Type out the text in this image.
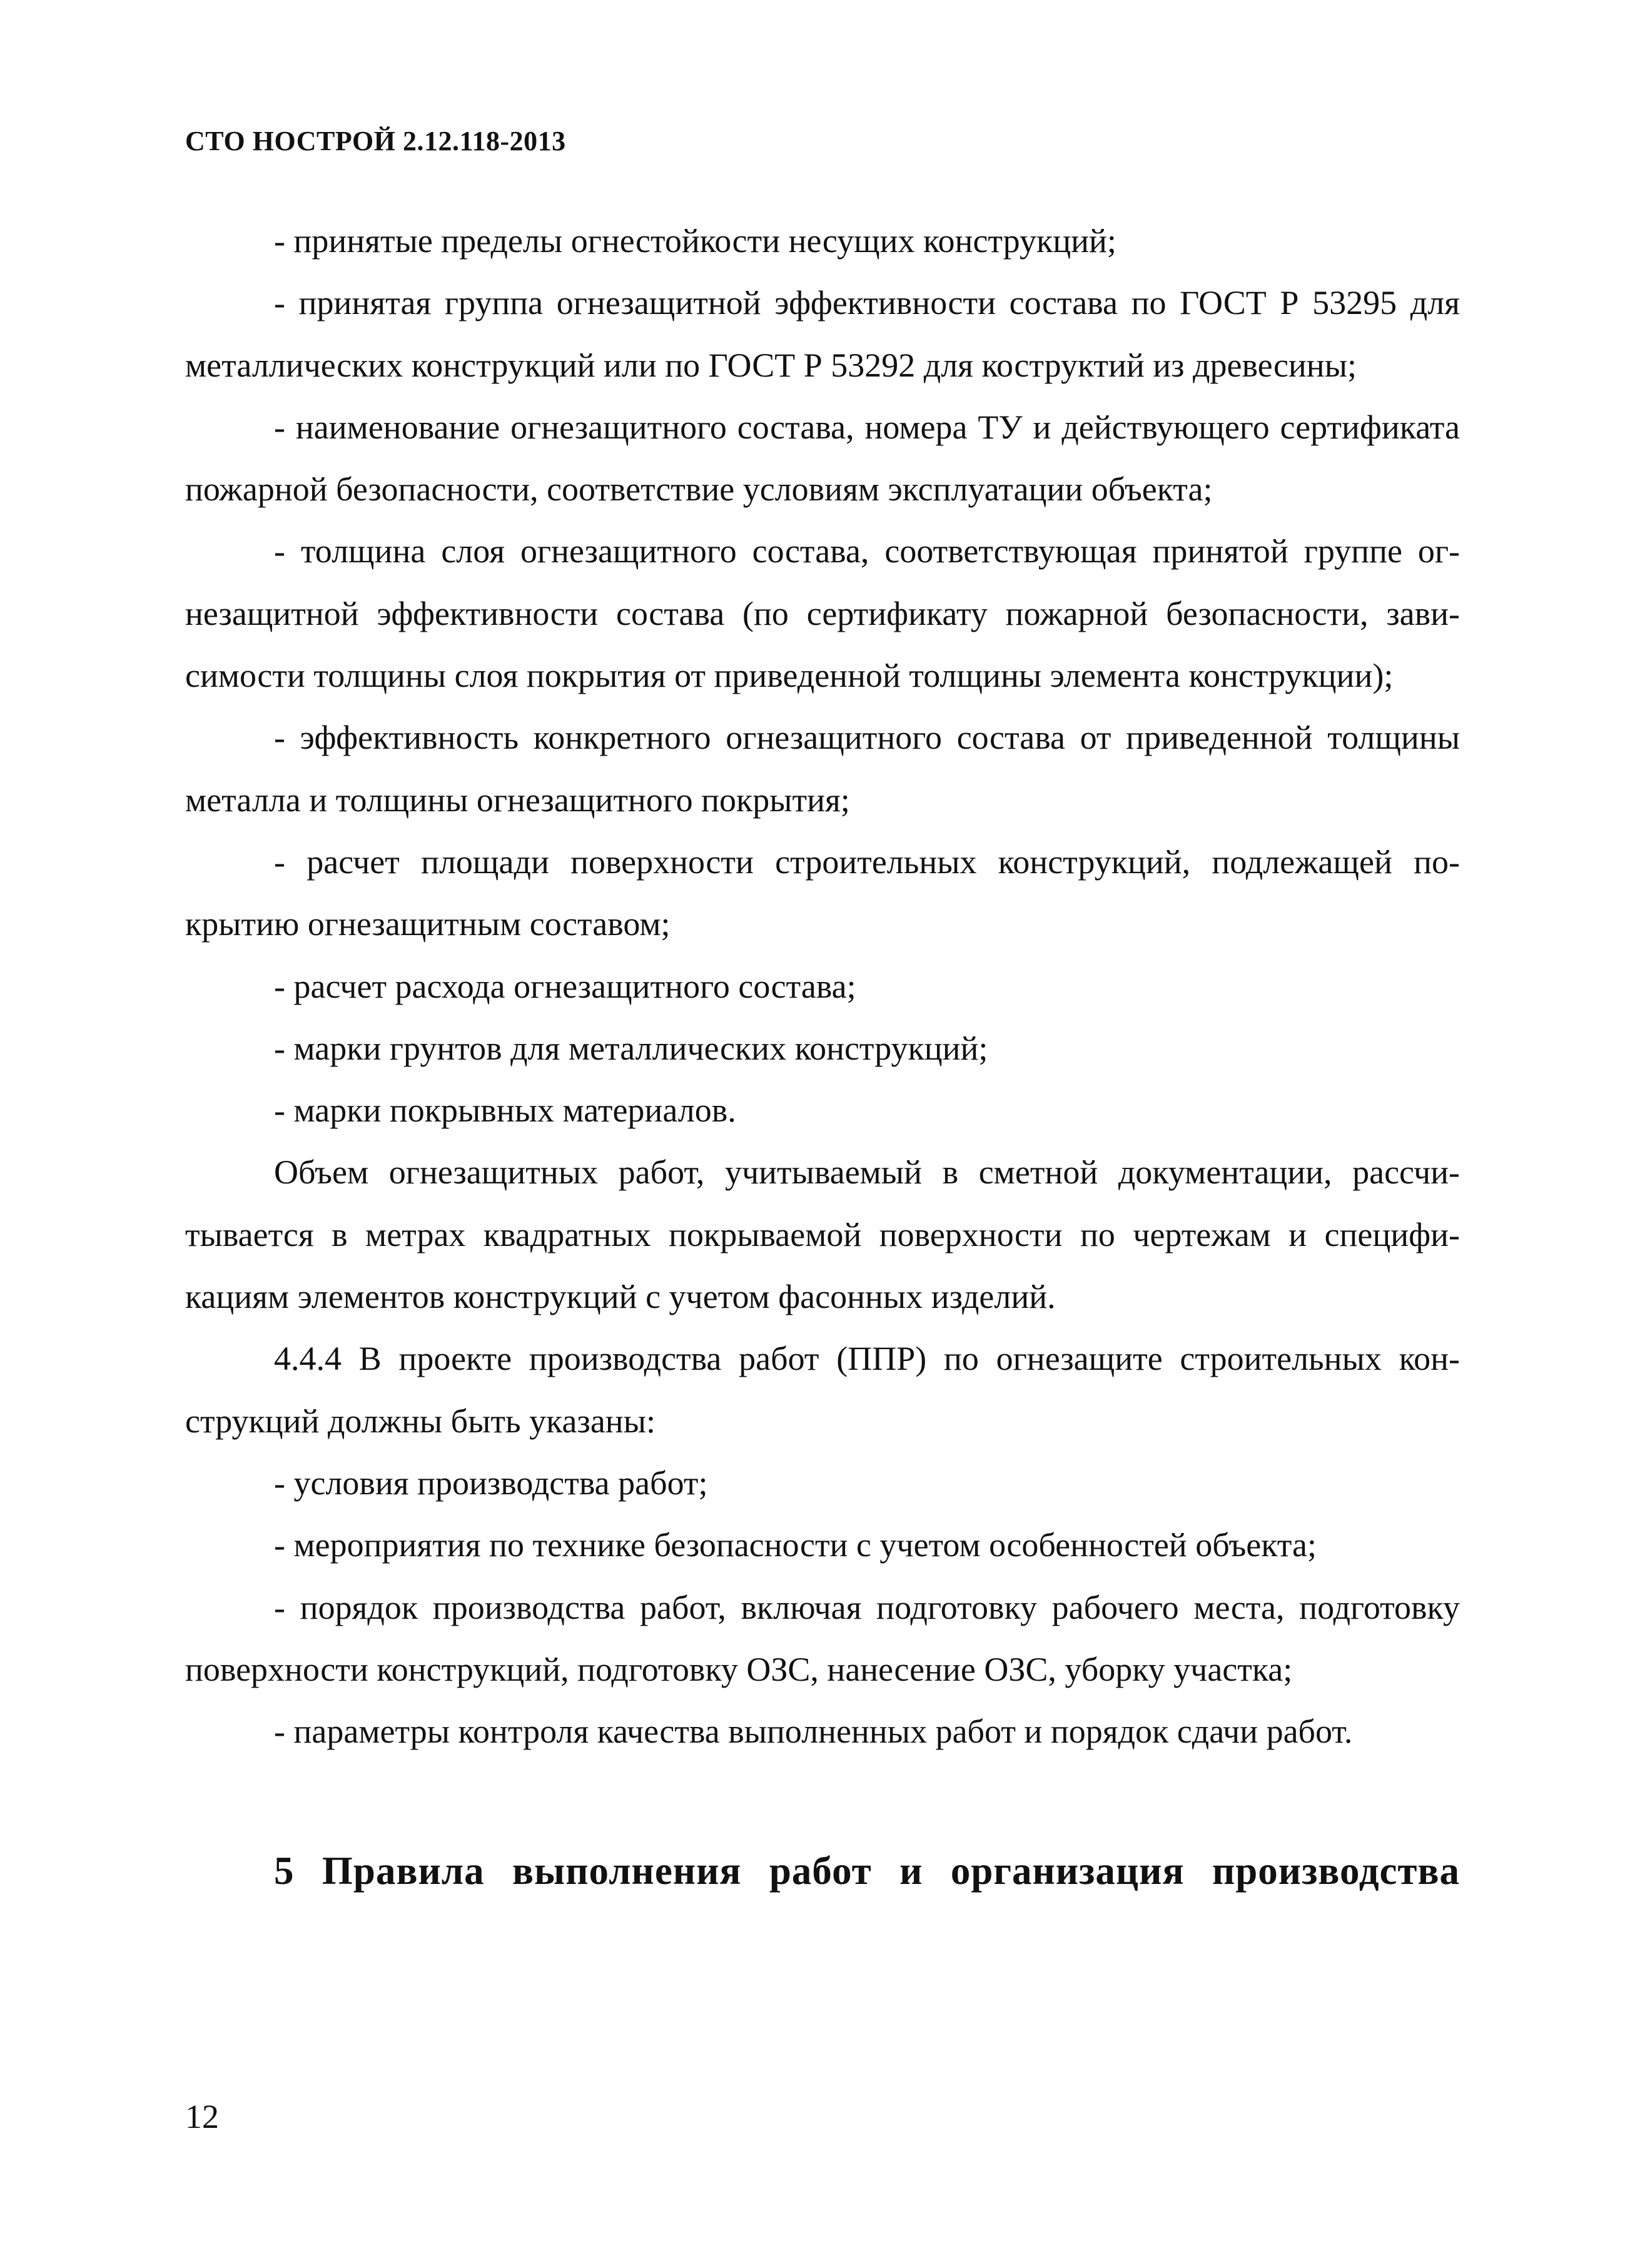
СТО НОСТРОЙ 2.12.118-2013

- принятые пределы огнестойкости несущих конструкций;

- принятая группа огнезащитной эффективности состава по ГОСТ Р 53295 для металлических конструкций или по ГОСТ Р 53292 для коструктий из древесины;

- наименование огнезащитного состава, номера ТУ и действующего сертификата пожарной безопасности, соответствие условиям эксплуатации объекта;

- толщина слоя огнезащитного состава, соответствующая принятой группе огнезащитной эффективности состава (по сертификату пожарной безопасности, зависимости толщины слоя покрытия от приведенной толщины элемента конструкции);

- эффективность конкретного огнезащитного состава от приведенной толщины металла и толщины огнезащитного покрытия;

- расчет площади поверхности строительных конструкций, подлежащей покрытию огнезащитным составом;

- расчет расхода огнезащитного состава;

- марки грунтов для металлических конструкций;

- марки покрывных материалов.

Объем огнезащитных работ, учитываемый в сметной документации, рассчитывается в метрах квадратных покрываемой поверхности по чертежам и спецификациям элементов конструкций с учетом фасонных изделий.

4.4.4 В проекте производства работ (ППР) по огнезащите строительных конструкций должны быть указаны:

- условия производства работ;

- мероприятия по технике безопасности с учетом особенностей объекта;

- порядок производства работ, включая подготовку рабочего места, подготовку поверхности конструкций, подготовку ОЗС, нанесение ОЗС, уборку участка;

- параметры контроля качества выполненных работ и порядок сдачи работ.

5 Правила выполнения работ и организация производства
12
